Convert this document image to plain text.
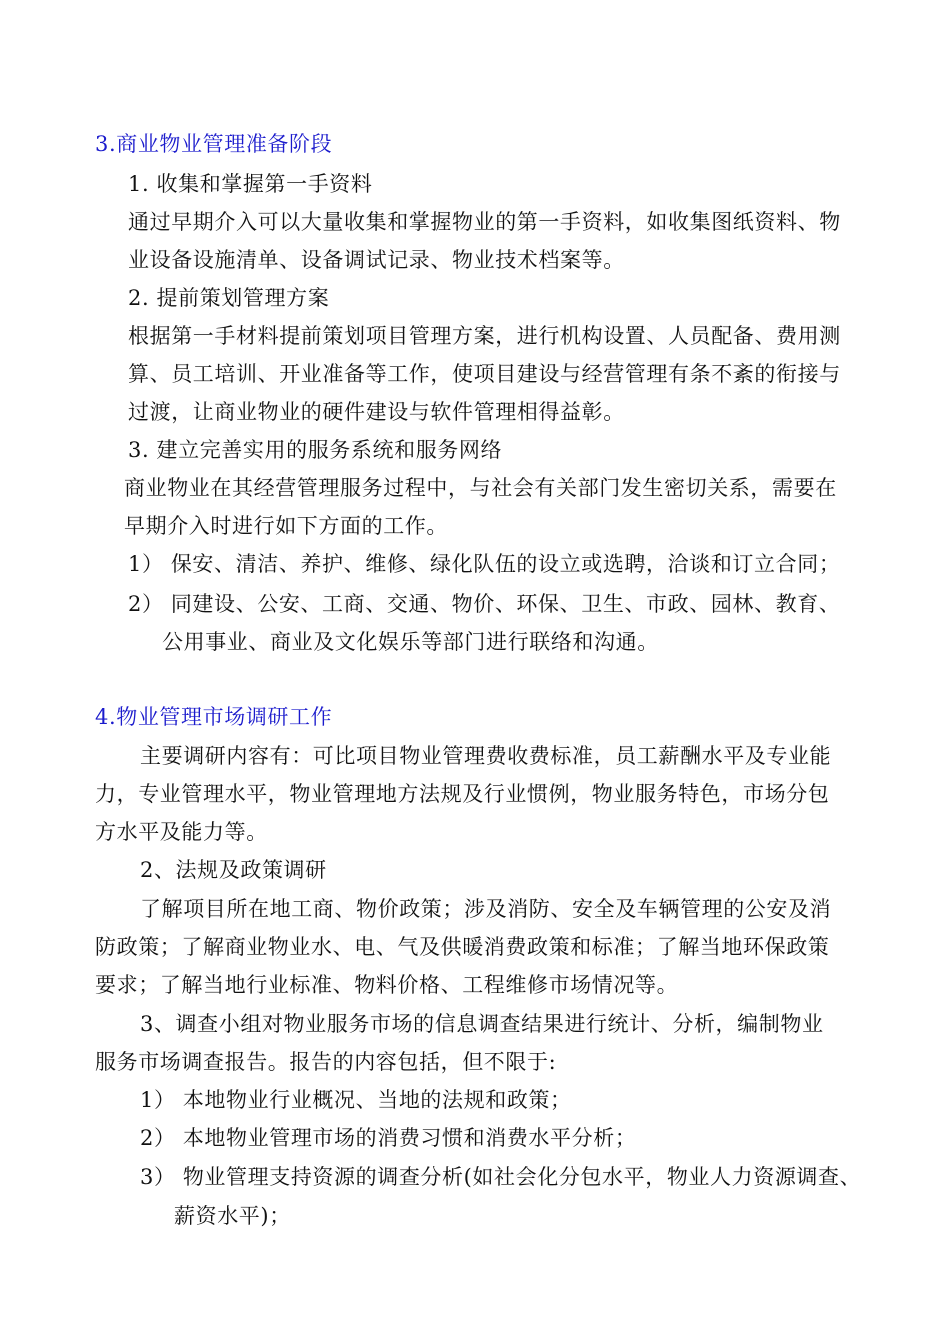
3.商业物业管理准备阶段
1. 收集和掌握第一手资料
通过早期介入可以大量收集和掌握物业的第一手资料，如收集图纸资料、物
业设备设施清单、设备调试记录、物业技术档案等。
2. 提前策划管理方案
根据第一手材料提前策划项目管理方案，进行机构设置、人员配备、费用测
算、员工培训、开业准备等工作，使项目建设与经营管理有条不紊的衔接与
过渡，让商业物业的硬件建设与软件管理相得益彰。
3. 建立完善实用的服务系统和服务网络
商业物业在其经营管理服务过程中，与社会有关部门发生密切关系，需要在
早期介入时进行如下方面的工作。
1） 保安、清洁、养护、维修、绿化队伍的设立或选聘，洽谈和订立合同；
2） 同建设、公安、工商、交通、物价、环保、卫生、市政、园林、教育、
公用事业、商业及文化娱乐等部门进行联络和沟通。
4.物业管理市场调研工作
主要调研内容有：可比项目物业管理费收费标准，员工薪酬水平及专业能
力，专业管理水平，物业管理地方法规及行业惯例，物业服务特色，市场分包
方水平及能力等。
2、法规及政策调研
了解项目所在地工商、物价政策；涉及消防、安全及车辆管理的公安及消
防政策；了解商业物业水、电、气及供暖消费政策和标准；了解当地环保政策
要求；了解当地行业标准、物料价格、工程维修市场情况等。
3、调查小组对物业服务市场的信息调查结果进行统计、分析，编制物业
服务市场调查报告。报告的内容包括，但不限于:
1） 本地物业行业概况、当地的法规和政策；
2） 本地物业管理市场的消费习惯和消费水平分析；
3） 物业管理支持资源的调查分析(如社会化分包水平，物业人力资源调查、
薪资水平)；
